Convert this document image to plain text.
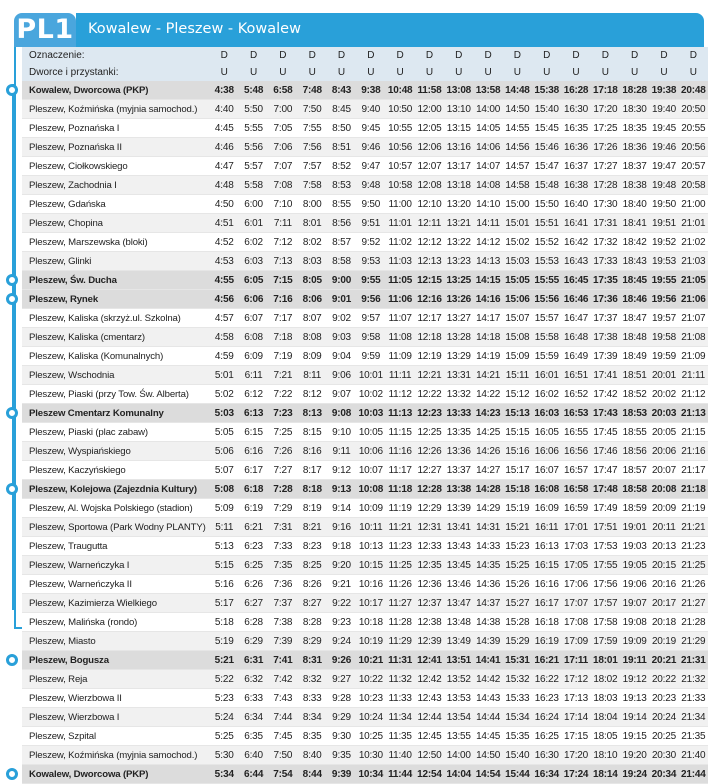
PL1 Kowalew - Pleszew - Kowalew
Oznaczenie:	D	D	D	D	D	D	D	D	D	D	D	D	D	D	D	D	D
Dworce i przystanki:	U	U	U	U	U	U	U	U	U	U	U	U	U	U	U	U	U
Kowalew, Dworcowa (PKP)	4:38	5:48	6:58	7:48	8:43	9:38	10:48	11:58	13:08	13:58	14:48	15:38	16:28	17:18	18:28	19:38	20:48
Pleszew, Koźmińska (myjnia samochod.)	4:40	5:50	7:00	7:50	8:45	9:40	10:50	12:00	13:10	14:00	14:50	15:40	16:30	17:20	18:30	19:40	20:50
Pleszew, Poznańska I	4:45	5:55	7:05	7:55	8:50	9:45	10:55	12:05	13:15	14:05	14:55	15:45	16:35	17:25	18:35	19:45	20:55
Pleszew, Poznańska II	4:46	5:56	7:06	7:56	8:51	9:46	10:56	12:06	13:16	14:06	14:56	15:46	16:36	17:26	18:36	19:46	20:56
Pleszew, Ciołkowskiego	4:47	5:57	7:07	7:57	8:52	9:47	10:57	12:07	13:17	14:07	14:57	15:47	16:37	17:27	18:37	19:47	20:57
Pleszew, Zachodnia I	4:48	5:58	7:08	7:58	8:53	9:48	10:58	12:08	13:18	14:08	14:58	15:48	16:38	17:28	18:38	19:48	20:58
Pleszew, Gdańska	4:50	6:00	7:10	8:00	8:55	9:50	11:00	12:10	13:20	14:10	15:00	15:50	16:40	17:30	18:40	19:50	21:00
Pleszew, Chopina	4:51	6:01	7:11	8:01	8:56	9:51	11:01	12:11	13:21	14:11	15:01	15:51	16:41	17:31	18:41	19:51	21:01
Pleszew, Marszewska (bloki)	4:52	6:02	7:12	8:02	8:57	9:52	11:02	12:12	13:22	14:12	15:02	15:52	16:42	17:32	18:42	19:52	21:02
Pleszew, Glinki	4:53	6:03	7:13	8:03	8:58	9:53	11:03	12:13	13:23	14:13	15:03	15:53	16:43	17:33	18:43	19:53	21:03
Pleszew, Św. Ducha	4:55	6:05	7:15	8:05	9:00	9:55	11:05	12:15	13:25	14:15	15:05	15:55	16:45	17:35	18:45	19:55	21:05
Pleszew, Rynek	4:56	6:06	7:16	8:06	9:01	9:56	11:06	12:16	13:26	14:16	15:06	15:56	16:46	17:36	18:46	19:56	21:06
Pleszew, Kaliska (skrzyż.ul. Szkolna)	4:57	6:07	7:17	8:07	9:02	9:57	11:07	12:17	13:27	14:17	15:07	15:57	16:47	17:37	18:47	19:57	21:07
Pleszew, Kaliska (cmentarz)	4:58	6:08	7:18	8:08	9:03	9:58	11:08	12:18	13:28	14:18	15:08	15:58	16:48	17:38	18:48	19:58	21:08
Pleszew, Kaliska (Komunalnych)	4:59	6:09	7:19	8:09	9:04	9:59	11:09	12:19	13:29	14:19	15:09	15:59	16:49	17:39	18:49	19:59	21:09
Pleszew, Wschodnia	5:01	6:11	7:21	8:11	9:06	10:01	11:11	12:21	13:31	14:21	15:11	16:01	16:51	17:41	18:51	20:01	21:11
Pleszew, Piaski (przy Tow. Św. Alberta)	5:02	6:12	7:22	8:12	9:07	10:02	11:12	12:22	13:32	14:22	15:12	16:02	16:52	17:42	18:52	20:02	21:12
Pleszew Cmentarz Komunalny	5:03	6:13	7:23	8:13	9:08	10:03	11:13	12:23	13:33	14:23	15:13	16:03	16:53	17:43	18:53	20:03	21:13
Pleszew, Piaski (plac zabaw)	5:05	6:15	7:25	8:15	9:10	10:05	11:15	12:25	13:35	14:25	15:15	16:05	16:55	17:45	18:55	20:05	21:15
Pleszew, Wyspiańskiego	5:06	6:16	7:26	8:16	9:11	10:06	11:16	12:26	13:36	14:26	15:16	16:06	16:56	17:46	18:56	20:06	21:16
Pleszew, Kaczyńskiego	5:07	6:17	7:27	8:17	9:12	10:07	11:17	12:27	13:37	14:27	15:17	16:07	16:57	17:47	18:57	20:07	21:17
Pleszew, Kolejowa (Zajezdnia Kultury)	5:08	6:18	7:28	8:18	9:13	10:08	11:18	12:28	13:38	14:28	15:18	16:08	16:58	17:48	18:58	20:08	21:18
Pleszew, Al. Wojska Polskiego (stadion)	5:09	6:19	7:29	8:19	9:14	10:09	11:19	12:29	13:39	14:29	15:19	16:09	16:59	17:49	18:59	20:09	21:19
Pleszew, Sportowa (Park Wodny PLANTY)	5:11	6:21	7:31	8:21	9:16	10:11	11:21	12:31	13:41	14:31	15:21	16:11	17:01	17:51	19:01	20:11	21:21
Pleszew, Traugutta	5:13	6:23	7:33	8:23	9:18	10:13	11:23	12:33	13:43	14:33	15:23	16:13	17:03	17:53	19:03	20:13	21:23
Pleszew, Warneńczyka I	5:15	6:25	7:35	8:25	9:20	10:15	11:25	12:35	13:45	14:35	15:25	16:15	17:05	17:55	19:05	20:15	21:25
Pleszew, Warneńczyka II	5:16	6:26	7:36	8:26	9:21	10:16	11:26	12:36	13:46	14:36	15:26	16:16	17:06	17:56	19:06	20:16	21:26
Pleszew, Kazimierza Wielkiego	5:17	6:27	7:37	8:27	9:22	10:17	11:27	12:37	13:47	14:37	15:27	16:17	17:07	17:57	19:07	20:17	21:27
Pleszew, Malińska (rondo)	5:18	6:28	7:38	8:28	9:23	10:18	11:28	12:38	13:48	14:38	15:28	16:18	17:08	17:58	19:08	20:18	21:28
Pleszew, Miasto	5:19	6:29	7:39	8:29	9:24	10:19	11:29	12:39	13:49	14:39	15:29	16:19	17:09	17:59	19:09	20:19	21:29
Pleszew, Bogusza	5:21	6:31	7:41	8:31	9:26	10:21	11:31	12:41	13:51	14:41	15:31	16:21	17:11	18:01	19:11	20:21	21:31
Pleszew, Reja	5:22	6:32	7:42	8:32	9:27	10:22	11:32	12:42	13:52	14:42	15:32	16:22	17:12	18:02	19:12	20:22	21:32
Pleszew, Wierzbowa II	5:23	6:33	7:43	8:33	9:28	10:23	11:33	12:43	13:53	14:43	15:33	16:23	17:13	18:03	19:13	20:23	21:33
Pleszew, Wierzbowa I	5:24	6:34	7:44	8:34	9:29	10:24	11:34	12:44	13:54	14:44	15:34	16:24	17:14	18:04	19:14	20:24	21:34
Pleszew, Szpital	5:25	6:35	7:45	8:35	9:30	10:25	11:35	12:45	13:55	14:45	15:35	16:25	17:15	18:05	19:15	20:25	21:35
Pleszew, Koźmińska (myjnia samochod.)	5:30	6:40	7:50	8:40	9:35	10:30	11:40	12:50	14:00	14:50	15:40	16:30	17:20	18:10	19:20	20:30	21:40
Kowalew, Dworcowa (PKP)	5:34	6:44	7:54	8:44	9:39	10:34	11:44	12:54	14:04	14:54	15:44	16:34	17:24	18:14	19:24	20:34	21:44
